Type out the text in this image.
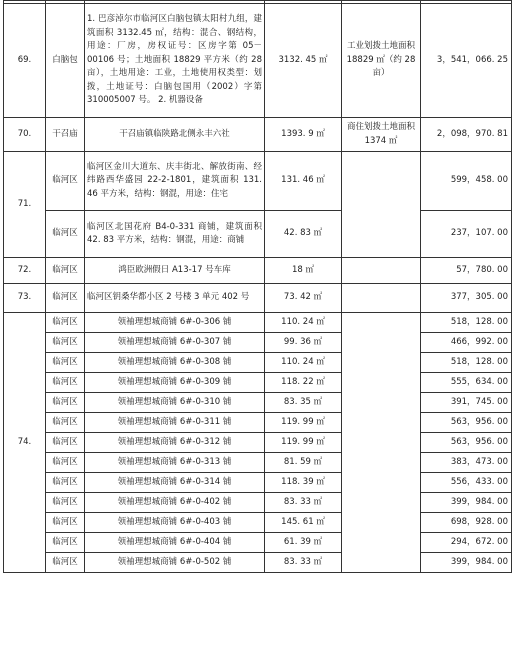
69.	白脑包	1. 巴彦淖尔市临河区白脑包镇太阳村九组，建筑面积 3132.45 ㎡，结构：混合、钢结构，用途：厂房，房权证号：区房字第 05－00106 号；土地面积 18829 平方米（约 28 亩），土地用途：工业，土地使用权类型：划拨，土地证号：白脑包国用（2002）字第 310005007 号。 2. 机器设备	3132. 45 ㎡	工业划拨土地面积 18829 ㎡（约 28 亩）	3，541，066. 25
70.	干召庙	干召庙镇临陕路北侧永丰六社	1393. 9 ㎡	商住划拨土地面积 1374 ㎡	2，098，970. 81
71.	临河区	临河区金川大道东、庆丰街北、解放街南、经纬路西华盛园 22-2-1801，建筑面积 131. 46 平方米，结构：钢混，用途：住宅	131. 46 ㎡		599，458. 00
	临河区	临河区北国花府 B4-0-331 商铺，建筑面积 42. 83 平方米，结构：钢混，用途：商铺	42. 83 ㎡		237，107. 00
72.	临河区	鸿臣欧洲假日 A13-17 号车库	18 ㎡		57，780. 00
73.	临河区	临河区钥桑华都小区 2 号楼 3 单元 402 号	73. 42 ㎡		377，305. 00
74.	临河区	领袖理想城商铺 6#-0-306 铺	110. 24 ㎡		518，128. 00
	临河区	领袖理想城商铺 6#-0-307 铺	99. 36 ㎡		466，992. 00
	临河区	领袖理想城商铺 6#-0-308 铺	110. 24 ㎡		518，128. 00
	临河区	领袖理想城商铺 6#-0-309 铺	118. 22 ㎡		555，634. 00
	临河区	领袖理想城商铺 6#-0-310 铺	83. 35 ㎡		391，745. 00
	临河区	领袖理想城商铺 6#-0-311 铺	119. 99 ㎡		563，956. 00
	临河区	领袖理想城商铺 6#-0-312 铺	119. 99 ㎡		563，956. 00
	临河区	领袖理想城商铺 6#-0-313 铺	81. 59 ㎡		383，473. 00
	临河区	领袖理想城商铺 6#-0-314 铺	118. 39 ㎡		556，433. 00
	临河区	领袖理想城商铺 6#-0-402 铺	83. 33 ㎡		399，984. 00
	临河区	领袖理想城商铺 6#-0-403 铺	145. 61 ㎡		698，928. 00
	临河区	领袖理想城商铺 6#-0-404 铺	61. 39 ㎡		294，672. 00
	临河区	领袖理想城商铺 6#-0-502 铺	83. 33 ㎡		399，984. 00
